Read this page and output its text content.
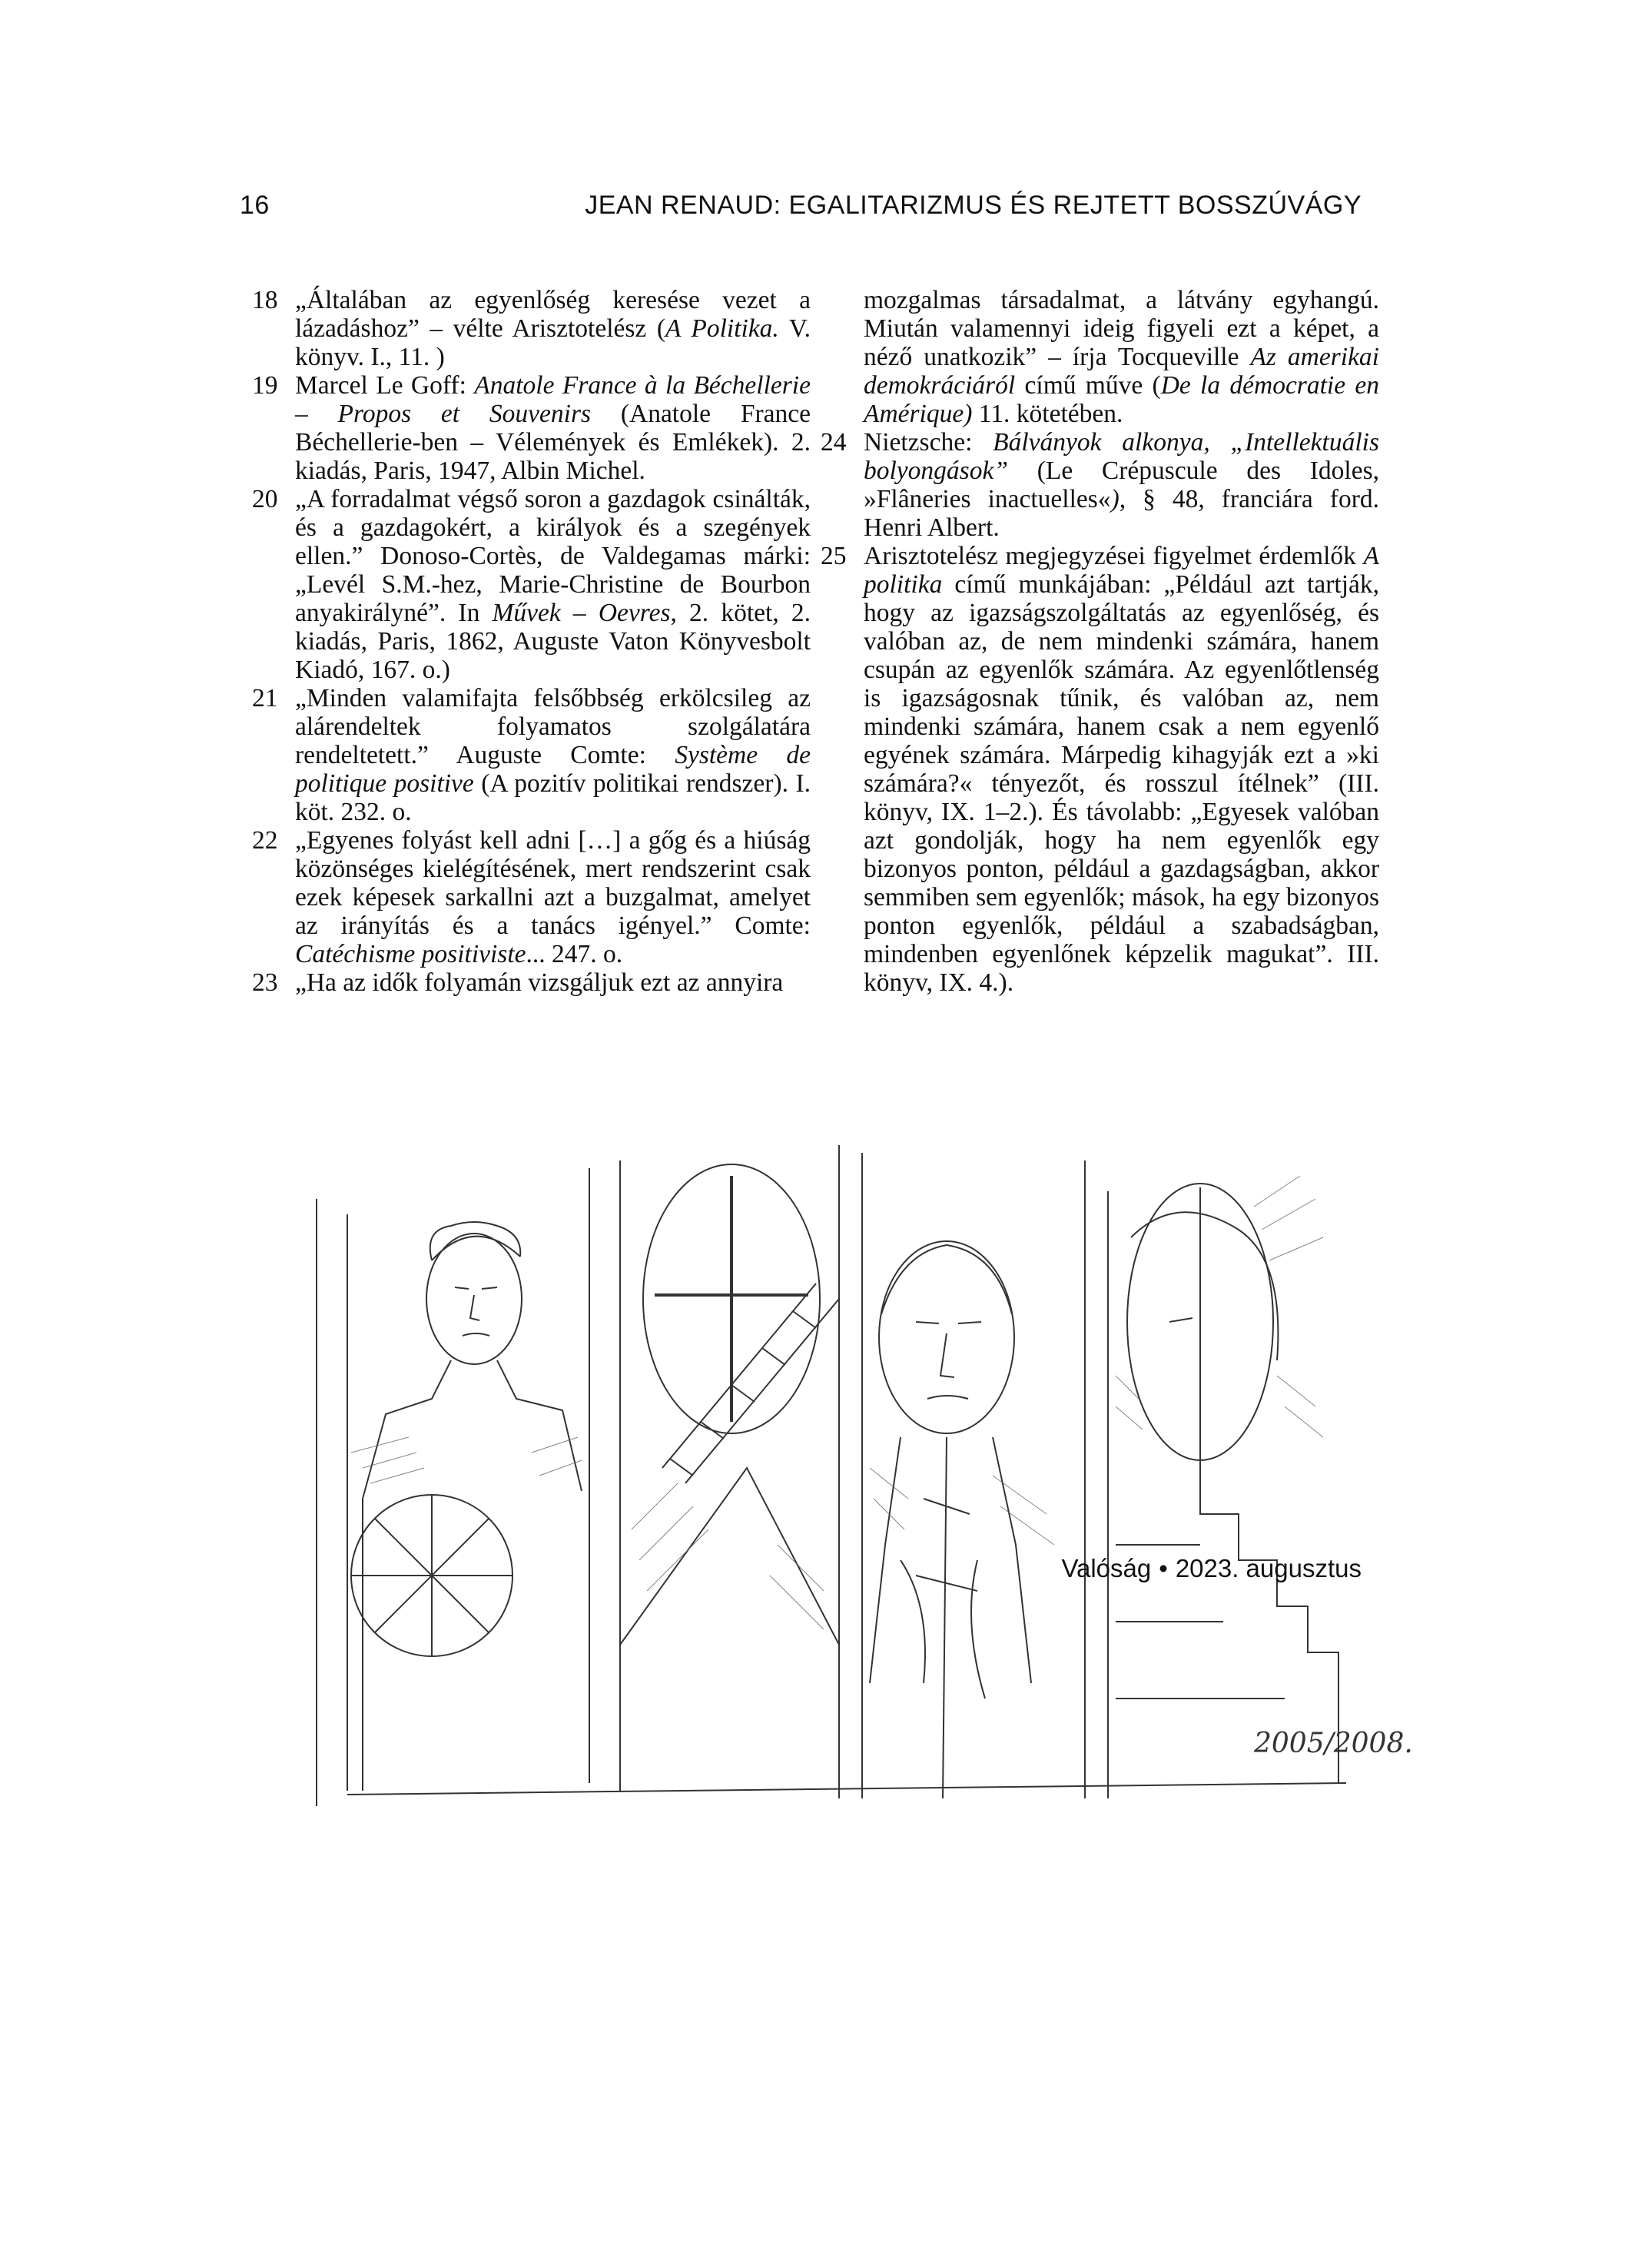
16	JEAN RENAUD: EGALITARIZMUS ÉS REJTETT BOSSZÚVÁGY

18 „Általában az egyenlőség keresése vezet a lázadáshoz” – vélte Arisztotelész (A Politika. V. könyv. I., 11. )

19 Marcel Le Goff: Anatole France à la Béchellerie – Propos et Souvenirs (Anatole France Béchellerie-ben – Vélemények és Emlékek). 2. kiadás, Paris, 1947, Albin Michel.

20 „A forradalmat végső soron a gazdagok csinálták, és a gazdagokért, a királyok és a szegények ellen.” Donoso-Cortès, de Valdegamas márki: „Levél S.M.-hez, Marie-Christine de Bourbon anyakirályné”. In Művek – Oevres, 2. kötet, 2. kiadás, Paris, 1862, Auguste Vaton Könyvesbolt Kiadó, 167. o.)

21 „Minden valamifajta felsőbbség erkölcsileg az alárendeltek folyamatos szolgálatára rendeltetett.” Auguste Comte: Système de politique positive (A pozitív politikai rendszer). I. köt. 232. o.

22 „Egyenes folyást kell adni […] a gőg és a hiúság közönséges kielégítésének, mert rendszerint csak ezek képesek sarkallni azt a buzgalmat, amelyet az irányítás és a tanács igényel.” Comte: Catéchisme positiviste... 247. o.

23 „Ha az idők folyamán vizsgáljuk ezt az annyira

mozgalmas társadalmat, a látvány egyhangú. Miután valamennyi ideig figyeli ezt a képet, a néző unatkozik” – írja Tocqueville Az amerikai demokráciáról című műve (De la démocratie en Amérique) 11. kötetében.

24 Nietzsche: Bálványok alkonya, „Intellektuális bolyongások” (Le Crépuscule des Idoles, »Flâneries inactuelles«), § 48, franciára ford. Henri Albert.

25 Arisztotelész megjegyzései figyelmet érdemlők A politika című munkájában: „Például azt tartják, hogy az igazságszolgáltatás az egyenlőség, és valóban az, de nem mindenki számára, hanem csupán az egyenlők számára. Az egyenlőtlenség is igazságosnak tűnik, és valóban az, nem mindenki számára, hanem csak a nem egyenlő egyének számára. Márpedig kihagyják ezt a »ki számára?« tényezőt, és rosszul ítélnek” (III. könyv, IX. 1–2.). És távolabb: „Egyesek valóban azt gondolják, hogy ha nem egyenlők egy bizonyos ponton, például a gazdagságban, akkor semmiben sem egyenlők; mások, ha egy bizonyos ponton egyenlők, például a szabadságban, mindenben egyenlőnek képzelik magukat”. III. könyv, IX. 4.).

2005/2008.
Valóság • 2023. augusztus
